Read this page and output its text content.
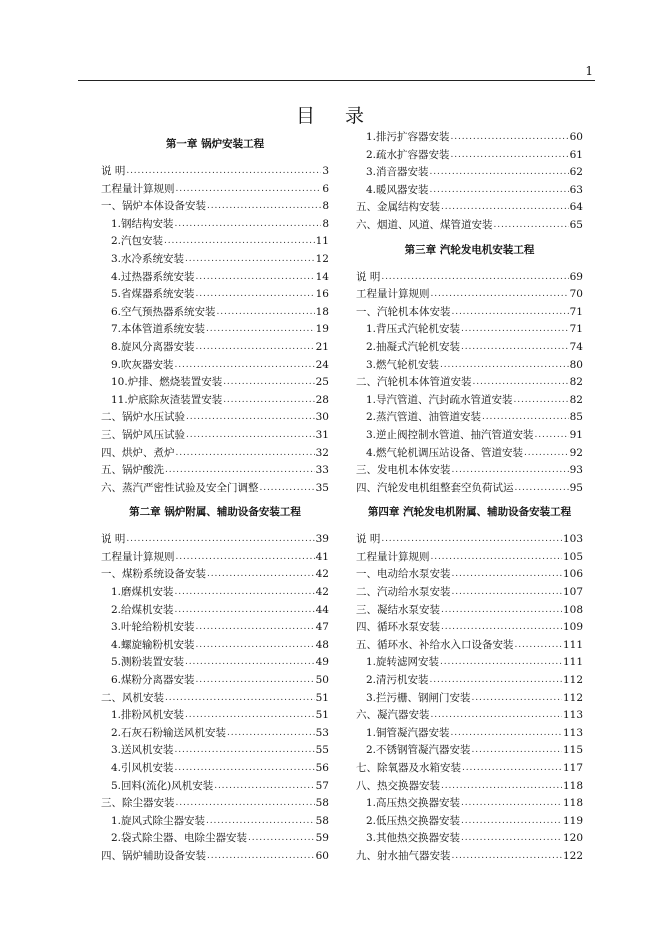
1
目 录
第一章 锅炉安装工程
说 明 . . .	3
工程量计算规则 . . .	6
一、锅炉本体设备安装 . . .	8
1.钢结构安装 . . .	8
2.汽包安装 . . .	11
3.水冷系统安装 . . .	12
4.过热器系统安装 . . .	14
5.省煤器系统安装 . . .	16
6.空气预热器系统安装 . . .	18
7.本体管道系统安装 . . .	19
8.旋风分离器安装 . . .	21
9.吹灰器安装 . . .	24
10.炉排、燃烧装置安装 . . .	25
11.炉底除灰渣装置安装 . . .	28
二、锅炉水压试验 . . .	30
三、锅炉风压试验 . . .	31
四、烘炉、煮炉 . . .	32
五、锅炉酸洗 . . .	33
六、蒸汽严密性试验及安全门调整 . . .	35
第二章 锅炉附属、辅助设备安装工程
说 明 . . .	39
工程量计算规则 . . .	41
一、煤粉系统设备安装 . . .	42
1.磨煤机安装 . . .	42
2.给煤机安装 . . .	44
3.叶轮给粉机安装 . . .	47
4.螺旋输粉机安装 . . .	48
5.测粉装置安装 . . .	49
6.煤粉分离器安装 . . .	50
二、风机安装 . . .	51
1.排粉风机安装 . . .	51
2.石灰石粉输送风机安装 . . .	53
3.送风机安装 . . .	55
4.引风机安装 . . .	56
5.回料(流化)风机安装 . . .	57
三、除尘器安装 . . .	58
1.旋风式除尘器安装 . . .	58
2.袋式除尘器、电除尘器安装 . . .	59
四、锅炉辅助设备安装 . . .	60
1.排污扩容器安装 . . .	60
2.疏水扩容器安装 . . .	61
3.消音器安装 . . .	62
4.暖风器安装 . . .	63
五、金属结构安装 . . .	64
六、烟道、风道、煤管道安装 . . .	65
第三章 汽轮发电机安装工程
说 明 . . .	69
工程量计算规则 . . .	70
一、汽轮机本体安装 . . .	71
1.背压式汽轮机安装 . . .	71
2.抽凝式汽轮机安装 . . .	74
3.燃气轮机安装 . . .	80
二、汽轮机本体管道安装 . . .	82
1.导汽管道、汽封疏水管道安装 . . .	82
2.蒸汽管道、油管道安装 . . .	85
3.逆止阀控制水管道、抽汽管道安装 . . .	91
4.燃气轮机调压站设备、管道安装 . . .	92
三、发电机本体安装 . . .	93
四、汽轮发电机组整套空负荷试运 . . .	95
第四章 汽轮发电机附属、辅助设备安装工程
说 明 . . .	103
工程量计算规则 . . .	105
一、电动给水泵安装 . . .	106
二、汽动给水泵安装 . . .	107
三、凝结水泵安装 . . .	108
四、循环水泵安装 . . .	109
五、循环水、补给水入口设备安装 . . .	111
1.旋转滤网安装 . . .	111
2.清污机安装 . . .	112
3.拦污栅、钢闸门安装 . . .	112
六、凝汽器安装 . . .	113
1.铜管凝汽器安装 . . .	113
2.不锈钢管凝汽器安装 . . .	115
七、除氧器及水箱安装 . . .	117
八、热交换器安装 . . .	118
1.高压热交换器安装 . . .	118
2.低压热交换器安装 . . .	119
3.其他热交换器安装 . . .	120
九、射水抽气器安装 . . .	122
